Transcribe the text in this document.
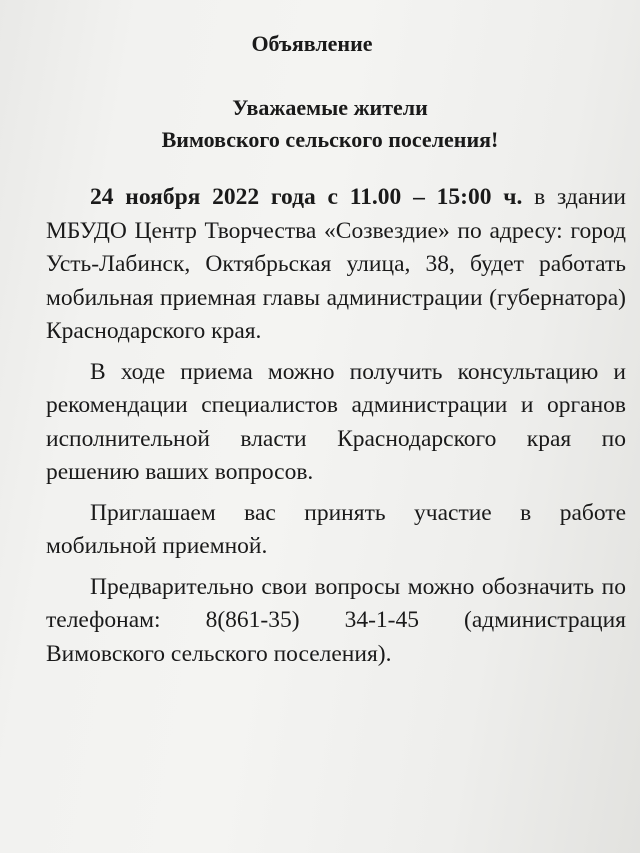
Объявление
Уважаемые жители
Вимовского сельского поселения!

24 ноября 2022 года с 11.00 – 15:00 ч. в здании МБУДО Центр Творчества «Созвездие» по адресу: город Усть-Лабинск, Октябрьская улица, 38, будет работать мобильная приемная главы администрации (губернатора) Краснодарского края.

В ходе приема можно получить консультацию и рекомендации специалистов администрации и органов исполнительной власти Краснодарского края по решению ваших вопросов.

Приглашаем вас принять участие в работе мобильной приемной.

Предварительно свои вопросы можно обозначить по телефонам: 8(861-35) 34-1-45 (администрация Вимовского сельского поселения).
